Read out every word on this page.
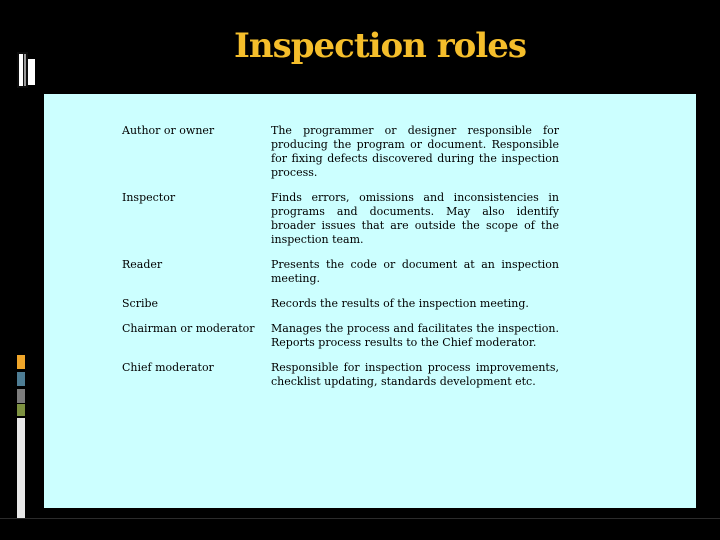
Inspection roles
Author or owner	The programmer or designer responsible for producing the program or document. Responsible for fixing defects discovered during the inspection process.
Inspector	Finds errors, omissions and inconsistencies in programs and documents. May also identify broader issues that are outside the scope of the inspection team.
Reader	Presents the code or document at an inspection meeting.
Scribe	Records the results of the inspection meeting.
Chairman or moderator	Manages the process and facilitates the inspection. Reports process results to the Chief moderator.
Chief moderator	Responsible for inspection process improvements, checklist updating, standards development etc.
